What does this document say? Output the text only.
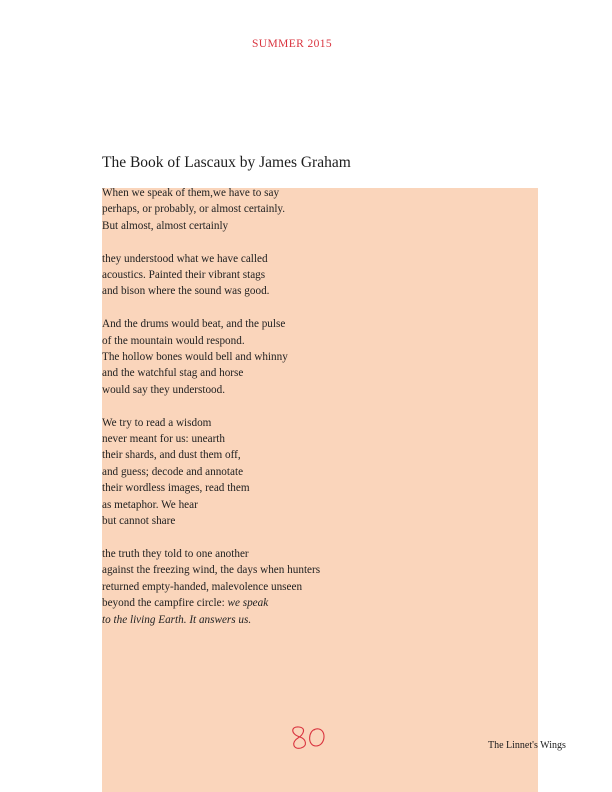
SUMMER 2015
The Book of Lascaux by James Graham
When we speak of them,we have to say
perhaps, or probably, or almost certainly.
But almost, almost certainly
they understood what we have called
acoustics. Painted their vibrant stags
and bison where the sound was good.
And the drums would beat, and the pulse
of the mountain would respond.
The hollow bones would bell and whinny
and the watchful stag and horse
would say they understood.
We try to read a wisdom
never meant for us: unearth
their shards, and dust them off,
and guess; decode and annotate
their wordless images, read them
as metaphor. We hear
but cannot share
the truth they told to one another
against the freezing wind, the days when hunters
returned empty-handed, malevolence unseen
beyond the campfire circle: we speak
to the living Earth. It answers us.
The Linnet's Wings
